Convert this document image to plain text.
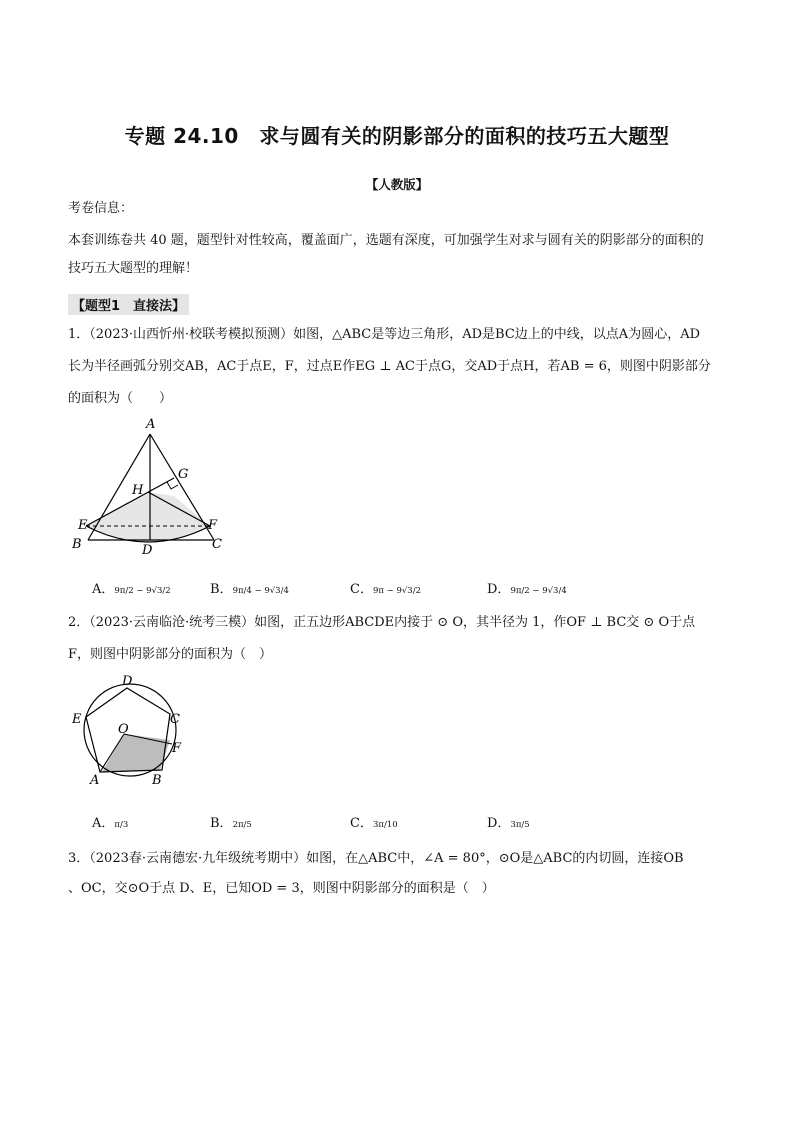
专题 24.10　求与圆有关的阴影部分的面积的技巧五大题型
【人教版】
考卷信息：
本套训练卷共 40 题，题型针对性较高，覆盖面广，选题有深度，可加强学生对求与圆有关的阴影部分的面积的
技巧五大题型的理解！
【题型1　直接法】
1．（2023·山西忻州·校联考模拟预测）如图，△ABC是等边三角形，AD是BC边上的中线，以点A为圆心，AD
长为半径画弧分别交AB，AC于点E，F，过点E作EG ⊥ AC于点G，交AD于点H，若AB = 6，则图中阴影部分
的面积为（　　）
A
G
H
E	F
B	D	C
A．9π/2 − 9√3/2	B．9π/4 − 9√3/4	C．9π − 9√3/2	D．9π/2 − 9√3/4
2．（2023·云南临沧·统考三模）如图，正五边形ABCDE内接于 ⊙ O，其半径为 1，作OF ⊥ BC交 ⊙ O于点
F，则图中阴影部分的面积为（　）
D
E	C
O
F
A	B
A．π/3	B．2π/5	C．3π/10	D．3π/5
3．（2023春·云南德宏·九年级统考期中）如图，在△ABC中，∠A = 80°，⊙O是△ABC的内切圆，连接OB
、OC，交⊙O于点 D、E，已知OD = 3，则图中阴影部分的面积是（　）
